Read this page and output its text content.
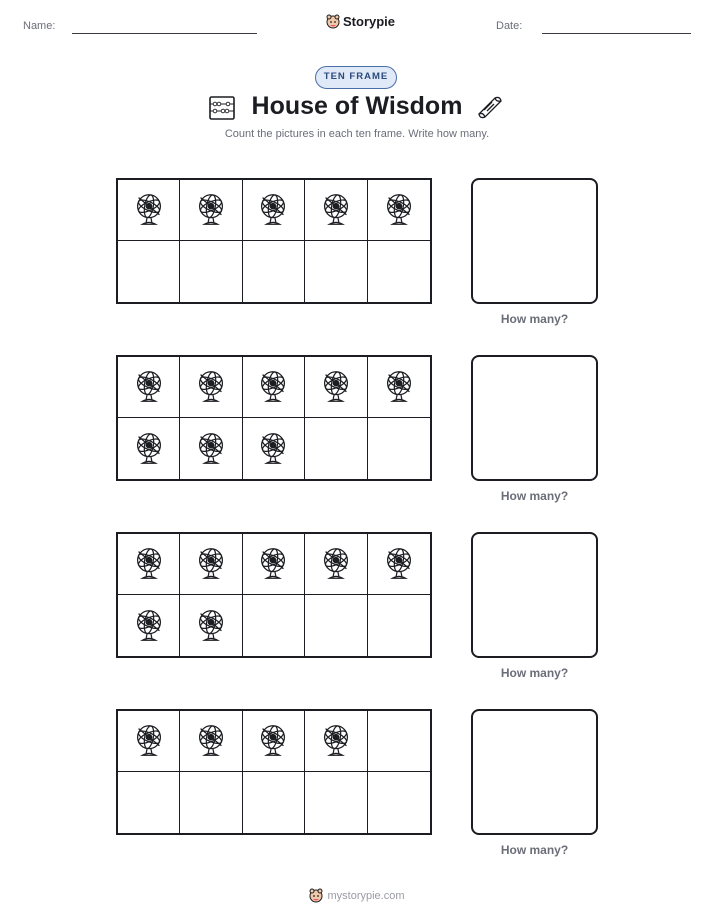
Name:	Storypie	Date:
TEN FRAME
House of Wisdom
Count the pictures in each ten frame. Write how many.
How many?
How many?
How many?
How many?
mystorypie.com
